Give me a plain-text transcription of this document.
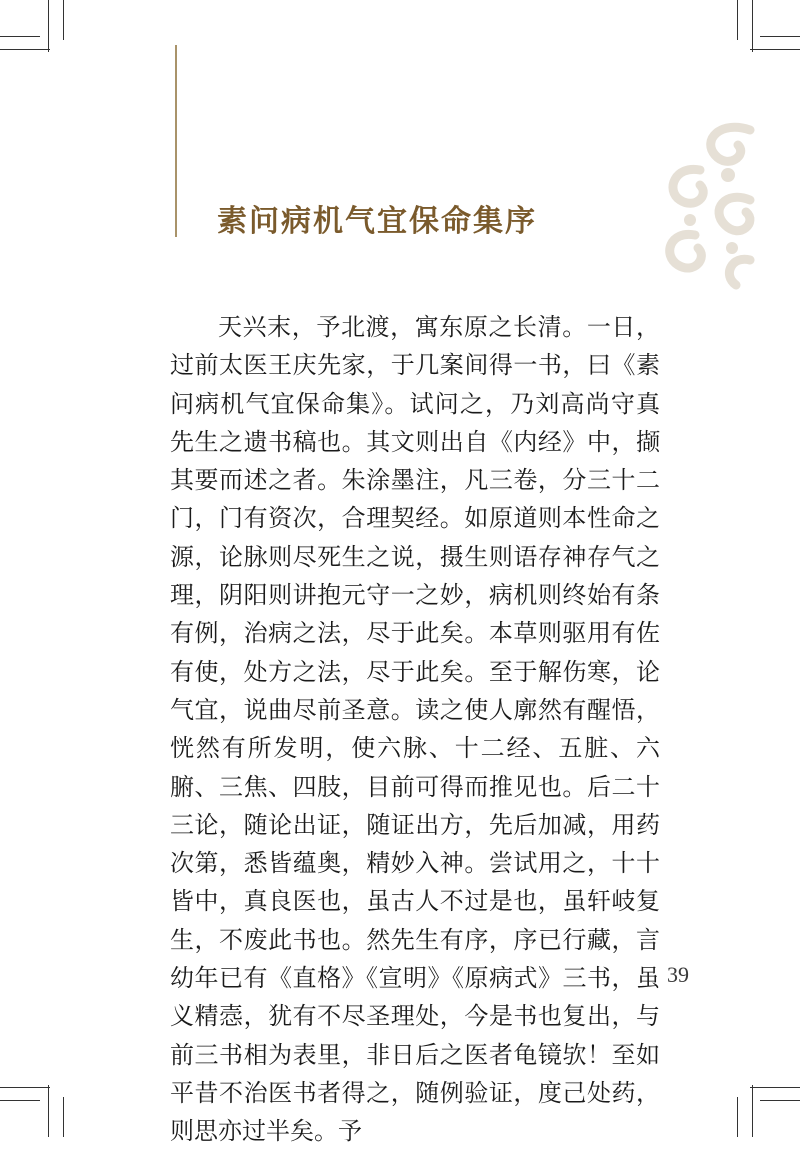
素问病机气宜保命集序

天兴末，予北渡，寓东原之长清。一日，过前太医王庆先家，于几案间得一书，曰《素问病机气宜保命集》。试问之，乃刘高尚守真先生之遗书稿也。其文则出自《内经》中，撷其要而述之者。朱涂墨注，凡三卷，分三十二门，门有资次，合理契经。如原道则本性命之源，论脉则尽死生之说，摄生则语存神存气之理，阴阳则讲抱元守一之妙，病机则终始有条有例，治病之法，尽于此矣。本草则驱用有佐有使，处方之法，尽于此矣。至于解伤寒，论气宜，说曲尽前圣意。读之使人廓然有醒悟，恍然有所发明，使六脉、十二经、五脏、六腑、三焦、四肢，目前可得而推见也。后二十三论，随论出证，随证出方，先后加减，用药次第，悉皆蕴奥，精妙入神。尝试用之，十十皆中，真良医也，虽古人不过是也，虽轩岐复生，不废此书也。然先生有序，序已行藏，言幼年已有《直格》《宣明》《原病式》三书，虽义精悫，犹有不尽圣理处，今是书也复出，与前三书相为表里，非日后之医者龟镜欤！至如平昔不治医书者得之，随例验证，度己处药，则思亦过半矣。予

39
